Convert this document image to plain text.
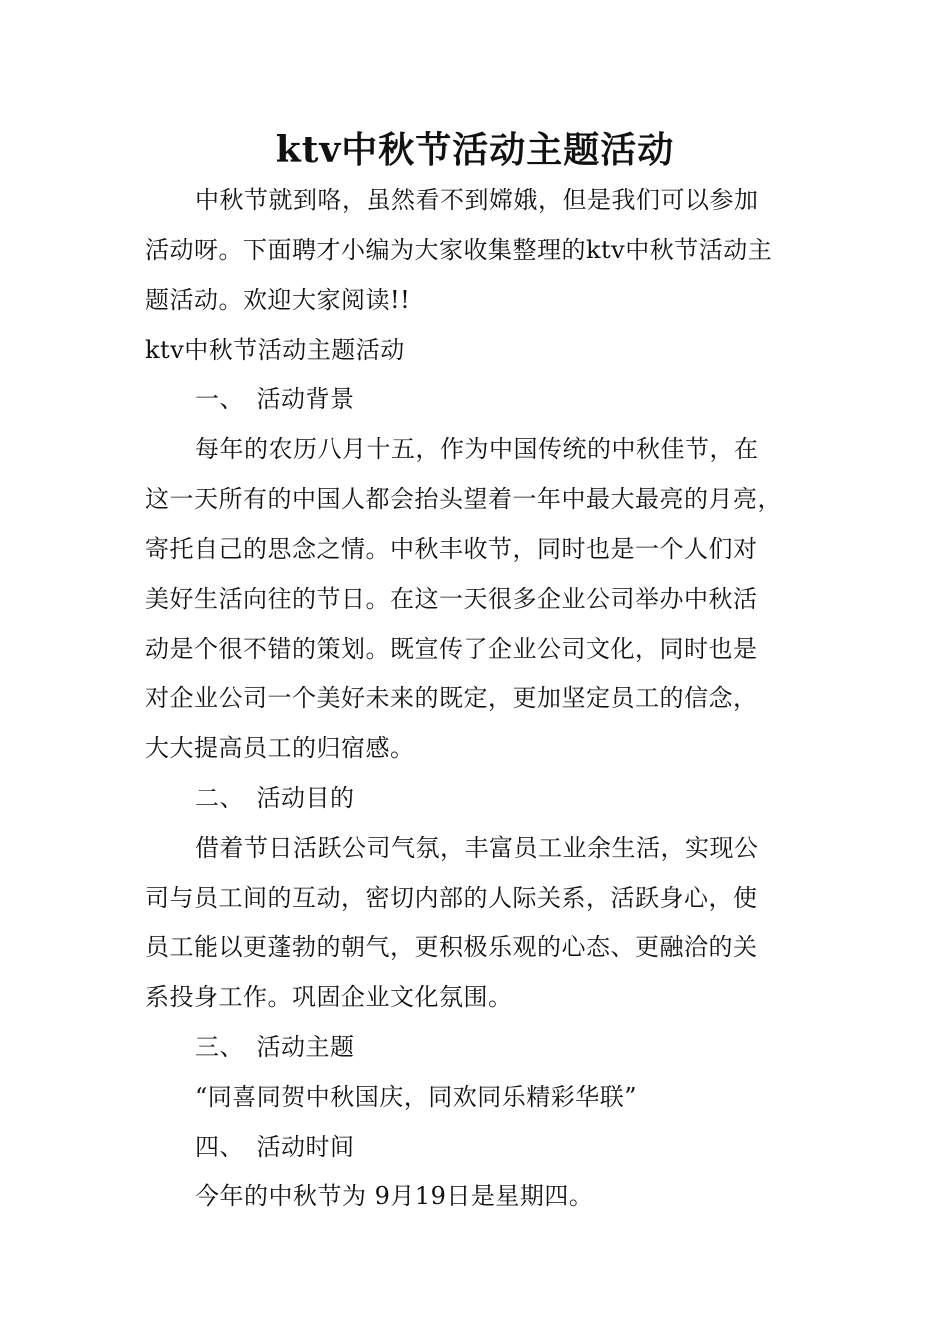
ktv中秋节活动主题活动
中秋节就到咯，虽然看不到嫦娥，但是我们可以参加
活动呀。下面聘才小编为大家收集整理的ktv中秋节活动主
题活动。欢迎大家阅读!!
ktv中秋节活动主题活动
一、　活动背景
每年的农历八月十五，作为中国传统的中秋佳节，在
这一天所有的中国人都会抬头望着一年中最大最亮的月亮，
寄托自己的思念之情。中秋丰收节，同时也是一个人们对
美好生活向往的节日。在这一天很多企业公司举办中秋活
动是个很不错的策划。既宣传了企业公司文化，同时也是
对企业公司一个美好未来的既定，更加坚定员工的信念，
大大提高员工的归宿感。
二、　活动目的
借着节日活跃公司气氛，丰富员工业余生活，实现公
司与员工间的互动，密切内部的人际关系，活跃身心，使
员工能以更蓬勃的朝气，更积极乐观的心态、更融洽的关
系投身工作。巩固企业文化氛围。
三、　活动主题
“同喜同贺中秋国庆，同欢同乐精彩华联”
四、　活动时间
今年的中秋节为 9月19日是星期四。
